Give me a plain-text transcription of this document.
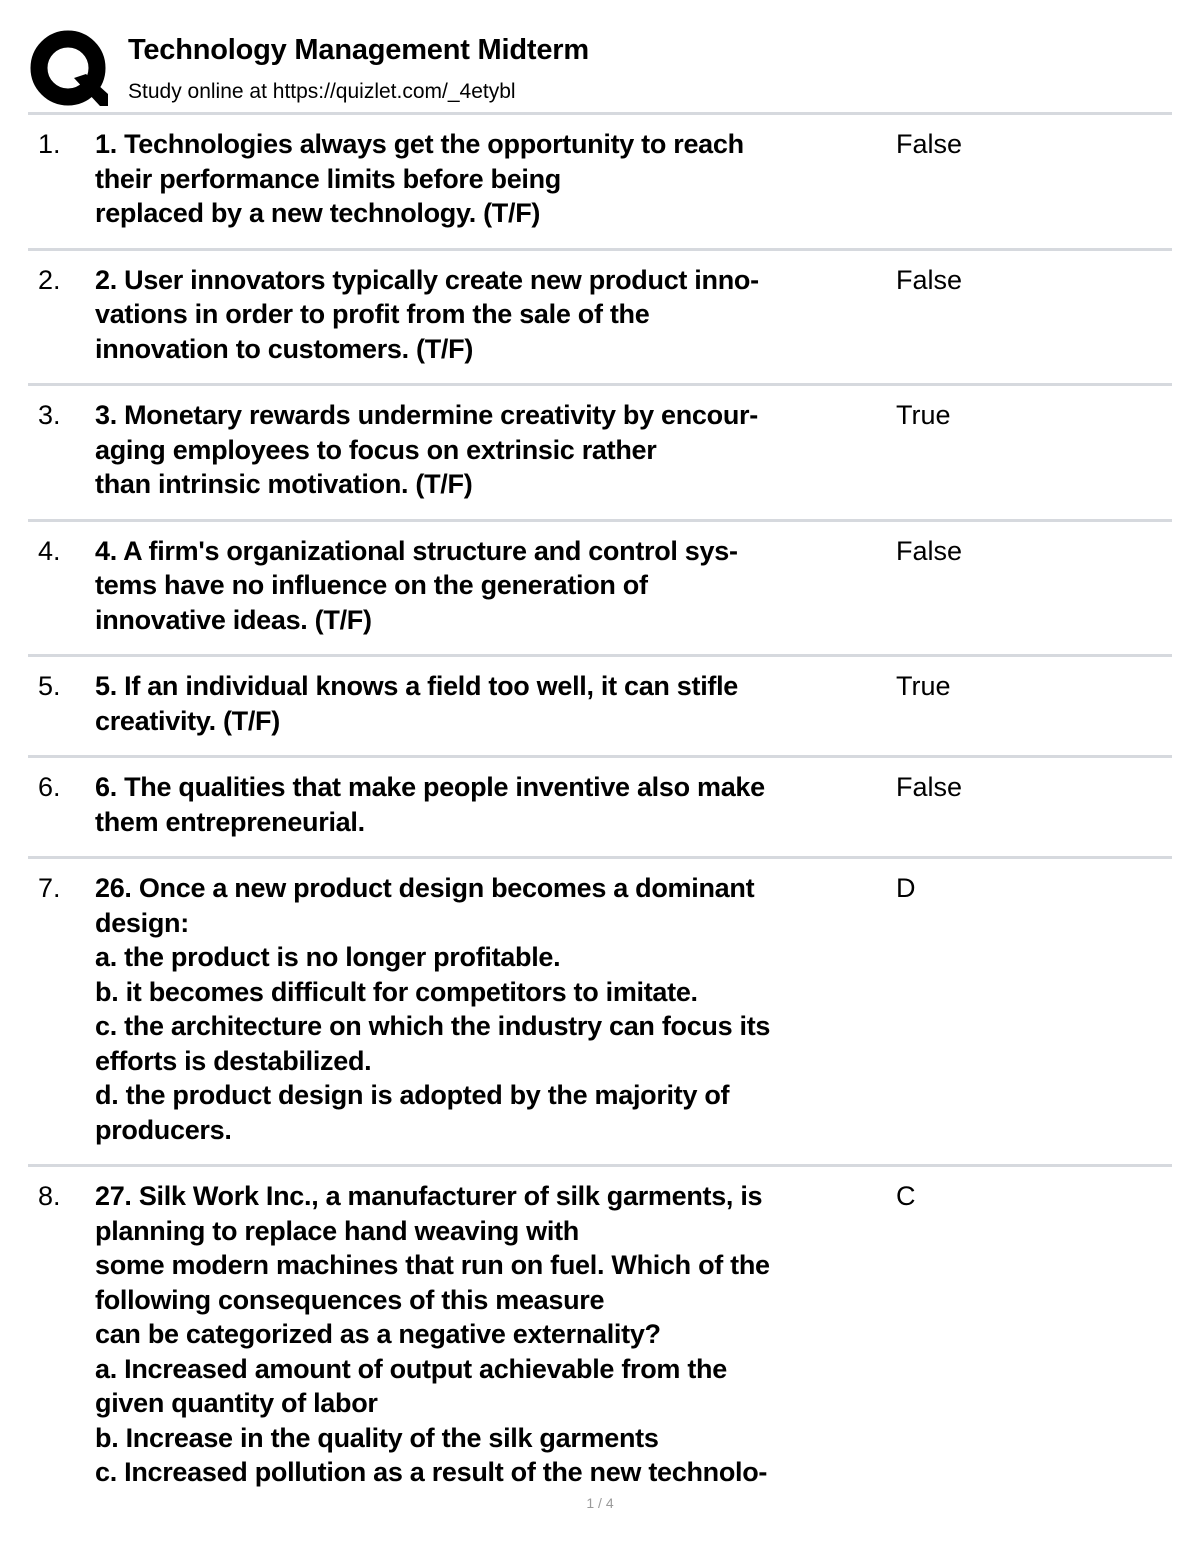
Technology Management Midterm
Study online at https://quizlet.com/_4etybl
1. 1. Technologies always get the opportunity to reach
their performance limits before being
replaced by a new technology. (T/F)
False
2. 2. User innovators typically create new product inno-
vations in order to profit from the sale of the
innovation to customers. (T/F)
False
3. 3. Monetary rewards undermine creativity by encour-
aging employees to focus on extrinsic rather
than intrinsic motivation. (T/F)
True
4. 4. A firm's organizational structure and control sys-
tems have no influence on the generation of
innovative ideas. (T/F)
False
5. 5. If an individual knows a field too well, it can stifle
creativity. (T/F)
True
6. 6. The qualities that make people inventive also make
them entrepreneurial.
False
7. 26. Once a new product design becomes a dominant
design:
a. the product is no longer profitable.
b. it becomes difficult for competitors to imitate.
c. the architecture on which the industry can focus its
efforts is destabilized.
d. the product design is adopted by the majority of
producers.
D
8. 27. Silk Work Inc., a manufacturer of silk garments, is
planning to replace hand weaving with
some modern machines that run on fuel. Which of the
following consequences of this measure
can be categorized as a negative externality?
a. Increased amount of output achievable from the
given quantity of labor
b. Increase in the quality of the silk garments
c. Increased pollution as a result of the new technolo-
C
1 / 4
